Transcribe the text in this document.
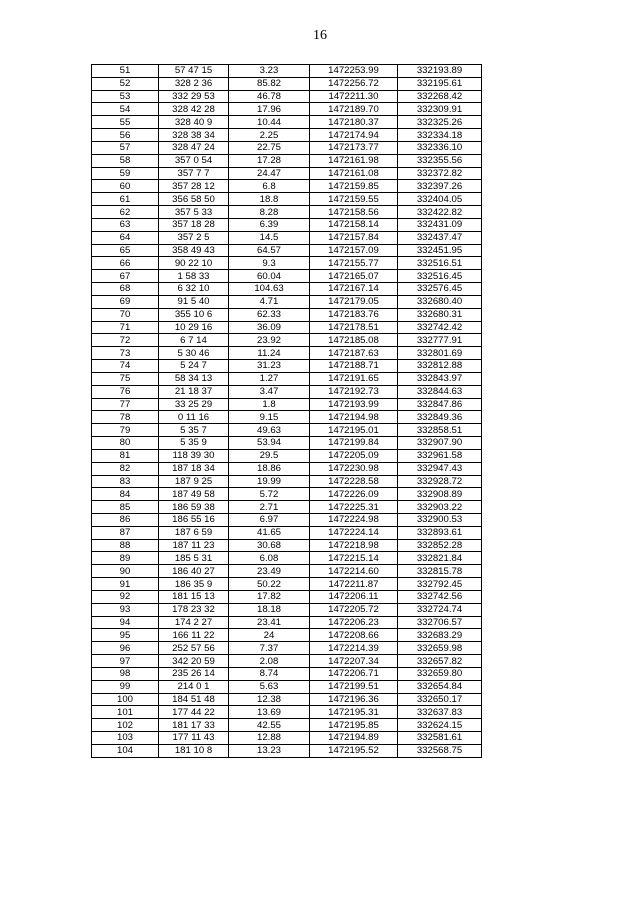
16
51	57 47 15	3.23	1472253.99	332193.89
52	328 2 36	85.82	1472256.72	332195.61
53	332 29 53	46.78	1472211.30	332268.42
54	328 42 28	17.96	1472189.70	332309.91
55	328 40 9	10.44	1472180.37	332325.26
56	328 38 34	2.25	1472174.94	332334.18
57	328 47 24	22.75	1472173.77	332336.10
58	357 0 54	17.28	1472161.98	332355.56
59	357 7 7	24.47	1472161.08	332372.82
60	357 28 12	6.8	1472159.85	332397.26
61	356 58 50	18.8	1472159.55	332404.05
62	357 5 33	8.28	1472158.56	332422.82
63	357 18 28	6.39	1472158.14	332431.09
64	357 2 5	14.5	1472157.84	332437.47
65	358 49 43	64.57	1472157.09	332451.95
66	90 22 10	9.3	1472155.77	332516.51
67	1 58 33	60.04	1472165.07	332516.45
68	6 32 10	104.63	1472167.14	332576.45
69	91 5 40	4.71	1472179.05	332680.40
70	355 10 6	62.33	1472183.76	332680.31
71	10 29 16	36.09	1472178.51	332742.42
72	6 7 14	23.92	1472185.08	332777.91
73	5 30 46	11.24	1472187.63	332801.69
74	5 24 7	31.23	1472188.71	332812.88
75	58 34 13	1.27	1472191.65	332843.97
76	21 18 37	3.47	1472192.73	332844.63
77	33 25 29	1.8	1472193.99	332847.86
78	0 11 16	9.15	1472194.98	332849.36
79	5 35 7	49.63	1472195.01	332858.51
80	5 35 9	53.94	1472199.84	332907.90
81	118 39 30	29.5	1472205.09	332961.58
82	187 18 34	18.86	1472230.98	332947.43
83	187 9 25	19.99	1472228.58	332928.72
84	187 49 58	5.72	1472226.09	332908.89
85	186 59 38	2.71	1472225.31	332903.22
86	186 55 16	6.97	1472224.98	332900.53
87	187 6 59	41.65	1472224.14	332893.61
88	187 11 23	30.68	1472218.98	332852.28
89	185 5 31	6.08	1472215.14	332821.84
90	186 40 27	23.49	1472214.60	332815.78
91	186 35 9	50.22	1472211.87	332792.45
92	181 15 13	17.82	1472206.11	332742.56
93	178 23 32	18.18	1472205.72	332724.74
94	174 2 27	23.41	1472206.23	332706.57
95	166 11 22	24	1472208.66	332683.29
96	252 57 56	7.37	1472214.39	332659.98
97	342 20 59	2.08	1472207.34	332657.82
98	235 26 14	8.74	1472206.71	332659.80
99	214 0 1	5.63	1472199.51	332654.84
100	184 51 48	12.38	1472196.36	332650.17
101	177 44 22	13.69	1472195.31	332637.83
102	181 17 33	42.55	1472195.85	332624.15
103	177 11 43	12.88	1472194.89	332581.61
104	181 10 8	13.23	1472195.52	332568.75
